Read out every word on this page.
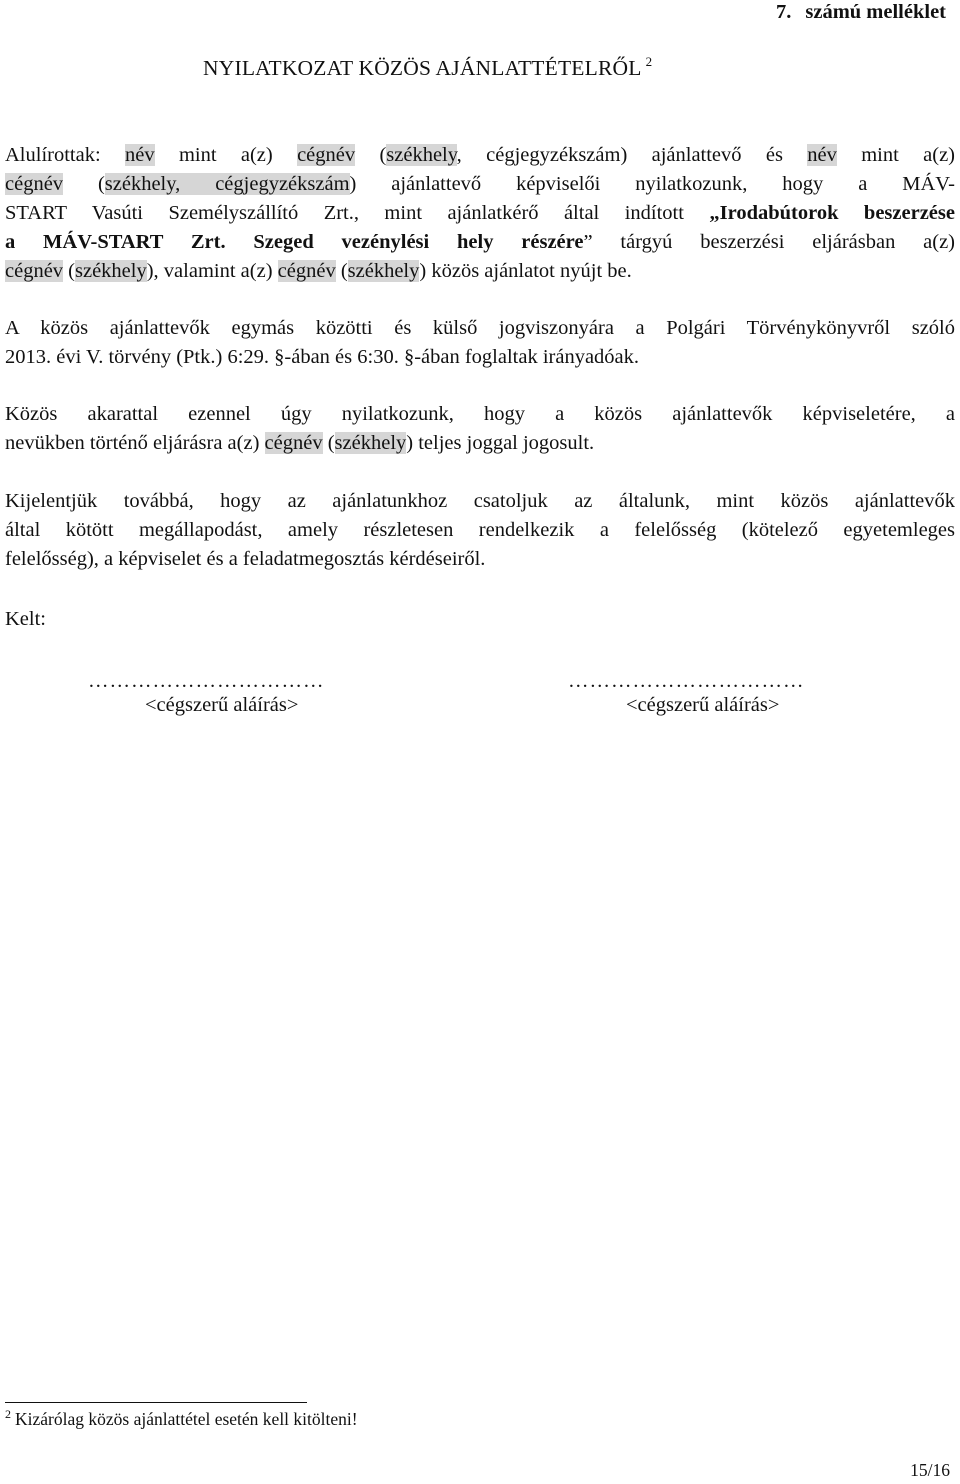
7. számú melléklet
NYILATKOZAT KÖZÖS AJÁNLATTÉTELRŐL $^2$
Alulírottak: név mint a(z) cégnév (székhely, cégjegyzékszám) ajánlattevő és név mint a(z)
cégnév (székhely, cégjegyzékszám) ajánlattevő képviselői nyilatkozunk, hogy a MÁV-
START Vasúti Személyszállító Zrt., mint ajánlatkérő által indított „Irodabútorok beszerzése
a MÁV-START Zrt. Szeged vezénylési hely részére” tárgyú beszerzési eljárásban a(z)
cégnév (székhely), valamint a(z) cégnév (székhely) közös ajánlatot nyújt be.
A közös ajánlattevők egymás közötti és külső jogviszonyára a Polgári Törvénykönyvről szóló
2013. évi V. törvény (Ptk.) 6:29. §-ában és 6:30. §-ában foglaltak irányadóak.
Közös akarattal ezennel úgy nyilatkozunk, hogy a közös ajánlattevők képviseletére, a
nevükben történő eljárásra a(z) cégnév (székhely) teljes joggal jogosult.
Kijelentjük továbbá, hogy az ajánlatunkhoz csatoljuk az általunk, mint közös ajánlattevők
által kötött megállapodást, amely részletesen rendelkezik a felelősség (kötelező egyetemleges
felelősség), a képviselet és a feladatmegosztás kérdéseiről.
Kelt:
……………………………
<cégszerű aláírás>
……………………………
<cégszerű aláírás>
$^2$ Kizárólag közös ajánlattétel esetén kell kitölteni!
15/16
